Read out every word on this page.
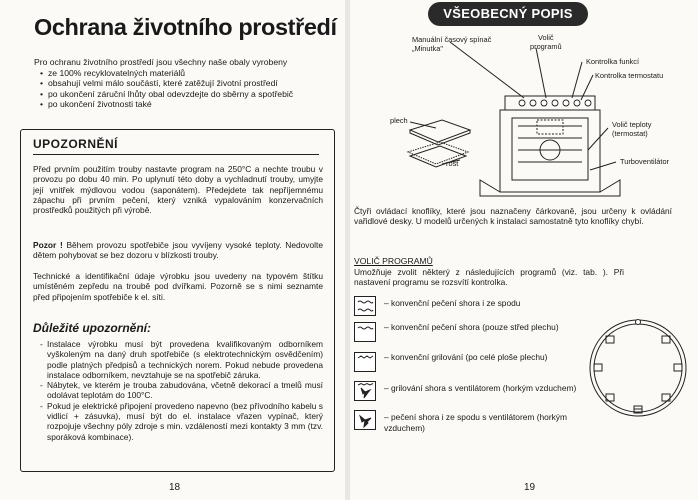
Ochrana životního prostředí
Pro ochranu životního prostředí jsou všechny naše obaly vyrobeny
• ze 100% recyklovatelných materiálů
• obsahují velmi málo součástí, které zatěžují životní prostředí
• po ukončení záruční lhůty obal odevzdejte do sběrny a spotřebič
• po ukončení životnosti také
UPOZORNĚNÍ
Před prvním použitím trouby nastavte program na 250°C a nechte troubu v provozu po dobu 40 min. Po uplynutí této doby a vychladnutí trouby, umyjte její vnitřek mýdlovou vodou (saponátem). Předejdete tak nepříjemnému zápachu při prvním pečení, který vzniká vypalováním konzervačních prostředků použitých při výrobě.
Pozor ! Během provozu spotřebiče jsou vyvíjeny vysoké teploty. Nedovolte dětem pohybovat se bez dozoru v blízkosti trouby.
Technické a identifikační údaje výrobku jsou uvedeny na typovém štítku umístěném zepředu na troubě pod dvířkami. Pozorně se s nimi seznamte před připojením spotřebiče k el. síti.
Důležité upozornění:
- Instalace výrobku musí být provedena kvalifikovaným odborníkem vyškoleným na daný druh spotřebiče (s elektrotechnickým osvědčením) podle platných předpisů a technických norem. Pokud nebude provedena instalace odborníkem, nevztahuje se na spotřebič záruka.
- Nábytek, ve kterém je trouba zabudována, včetně dekorací a tmelů musí odolávat teplotám do 100°C.
- Pokud je elektrické připojení provedeno napevno (bez přívodního kabelu s vidlicí + zásuvka), musí být do el. instalace vřazen vypínač, který rozpojuje všechny póly zdroje s min. vzdáleností mezi kontakty 3 mm (tzv. sporáková kombinace).
18
VŠEOBECNÝ POPIS
Manuální časový spínač
„Minutka"
Volič
programů
Kontrolka funkcí
Kontrolka termostatu
plech	Volič teploty
(termostat)
rošt	Turboventilátor
Čtyři ovládací knoflíky, které jsou naznačeny čárkovaně, jsou určeny k ovládání vařidlové desky. U modelů určených k instalaci samostatně tyto knoflíky chybí.
VOLIČ PROGRAMŮ
Umožňuje zvolit některý z následujících programů (viz. tab. ). Při nastavení programu se rozsvítí kontrolka.
– konvenční pečení shora i ze spodu
– konvenční pečení shora (pouze střed plechu)
– konvenční grilování (po celé ploše plechu)
– grilování shora s ventilátorem (horkým vzduchem)
– pečení shora i ze spodu s ventilátorem (horkým vzduchem)
19
